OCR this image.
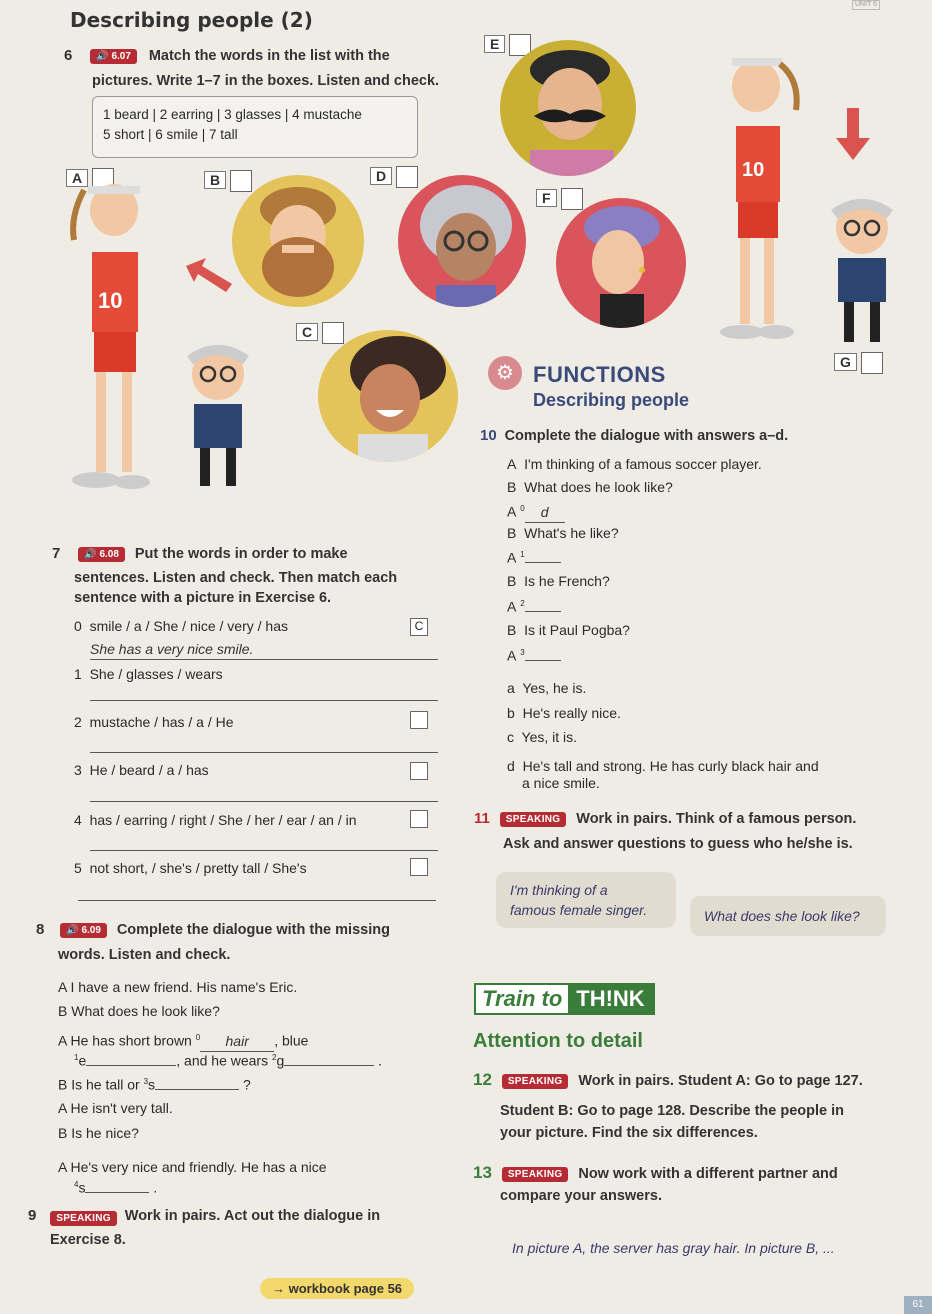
Describing people (2)
UNIT 6
6 🔊 6.07 Match the words in the list with the
pictures. Write 1–7 in the boxes. Listen and check.
1 beard | 2 earring | 3 glasses | 4 mustache
5 short | 6 smile | 7 tall
A	B	D
C
E
F
G
10
10
⚙ FUNCTIONS
Describing people
10 Complete the dialogue with answers a–d.
A I'm thinking of a famous soccer player.
B What does he look like?
A $^0$ d
B What's he like?
A $^1$
B Is he French?
A $^2$
B Is it Paul Pogba?
A $^3$
a Yes, he is.
b He's really nice.
c Yes, it is.
d He's tall and strong. He has curly black hair and
a nice smile.
11 SPEAKING Work in pairs. Think of a famous person.
Ask and answer questions to guess who he/she is.
I'm thinking of a
famous female singer.	What does she look like?
7 🔊 6.08 Put the words in order to make
sentences. Listen and check. Then match each
sentence with a picture in Exercise 6.
0 smile / a / She / nice / very / has	C
She has a very nice smile.
1 She / glasses / wears
2 mustache / has / a / He
3 He / beard / a / has
4 has / earring / right / She / her / ear / an / in
5 not short, / she's / pretty tall / She's
8 🔊 6.09 Complete the dialogue with the missing
words. Listen and check.
A I have a new friend. His name's Eric.
B What does he look like?
A He has short brown $^0$ hair , blue
$^1$e	, and he wears $^2$g	.
B Is he tall or $^3$s	?
A He isn't very tall.
B Is he nice?
A He's very nice and friendly. He has a nice
$^4$s	.
9 SPEAKING Work in pairs. Act out the dialogue in
Exercise 8.
Train to TH!NK
Attention to detail
12 SPEAKING Work in pairs. Student A: Go to page 127.
Student B: Go to page 128. Describe the people in
your picture. Find the six differences.
13 SPEAKING Now work with a different partner and
compare your answers.
In picture A, the server has gray hair. In picture B, ...
→ workbook page 56
61
